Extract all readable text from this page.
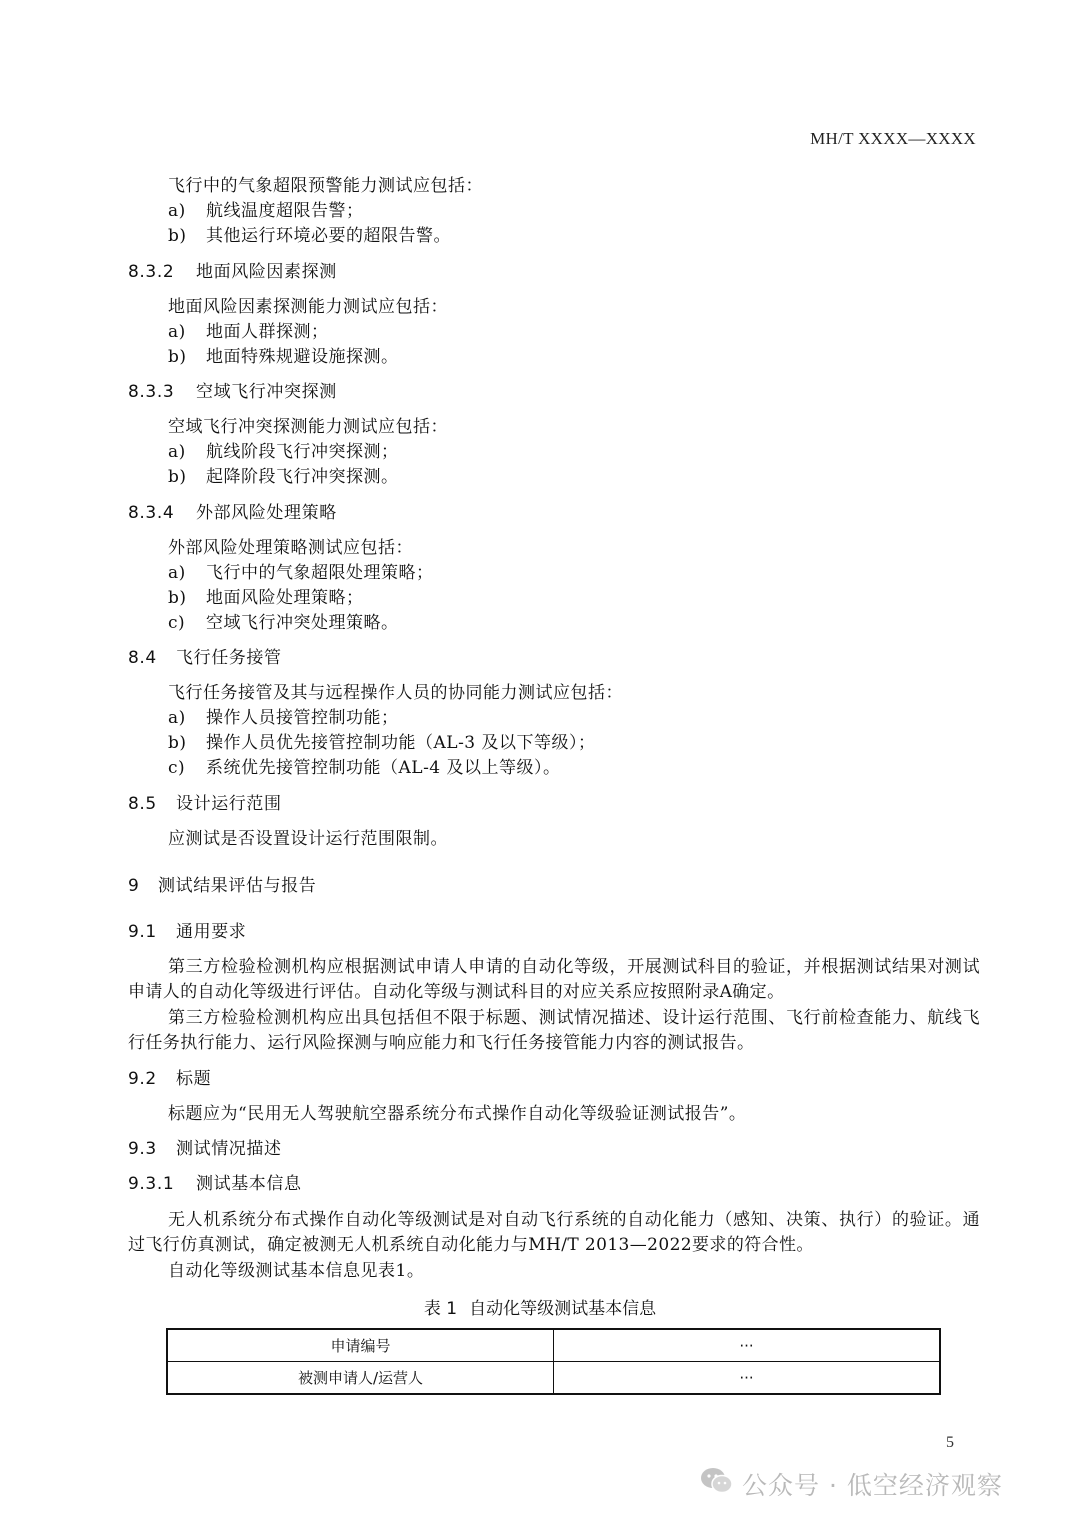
MH/T XXXX—XXXX
飞行中的气象超限预警能力测试应包括：
a) 航线温度超限告警；
b) 其他运行环境必要的超限告警。
8.3.2 地面风险因素探测
地面风险因素探测能力测试应包括：
a) 地面人群探测；
b) 地面特殊规避设施探测。
8.3.3 空域飞行冲突探测
空域飞行冲突探测能力测试应包括：
a) 航线阶段飞行冲突探测；
b) 起降阶段飞行冲突探测。
8.3.4 外部风险处理策略
外部风险处理策略测试应包括：
a) 飞行中的气象超限处理策略；
b) 地面风险处理策略；
c) 空域飞行冲突处理策略。
8.4 飞行任务接管
飞行任务接管及其与远程操作人员的协同能力测试应包括：
a) 操作人员接管控制功能；
b) 操作人员优先接管控制功能（AL-3 及以下等级）；
c) 系统优先接管控制功能（AL-4 及以上等级）。
8.5 设计运行范围
应测试是否设置设计运行范围限制。
9 测试结果评估与报告
9.1 通用要求
第三方检验检测机构应根据测试申请人申请的自动化等级，开展测试科目的验证，并根据测试结果对测试申请人的自动化等级进行评估。自动化等级与测试科目的对应关系应按照附录A确定。
第三方检验检测机构应出具包括但不限于标题、测试情况描述、设计运行范围、飞行前检查能力、航线飞行任务执行能力、运行风险探测与响应能力和飞行任务接管能力内容的测试报告。
9.2 标题
标题应为“民用无人驾驶航空器系统分布式操作自动化等级验证测试报告”。
9.3 测试情况描述
9.3.1 测试基本信息
无人机系统分布式操作自动化等级测试是对自动飞行系统的自动化能力（感知、决策、执行）的验证。通过飞行仿真测试，确定被测无人机系统自动化能力与MH/T 2013—2022要求的符合性。
自动化等级测试基本信息见表1。
表 1 自动化等级测试基本信息
申请编号	···
被测申请人/运营人	···
5
公众号 · 低空经济观察
